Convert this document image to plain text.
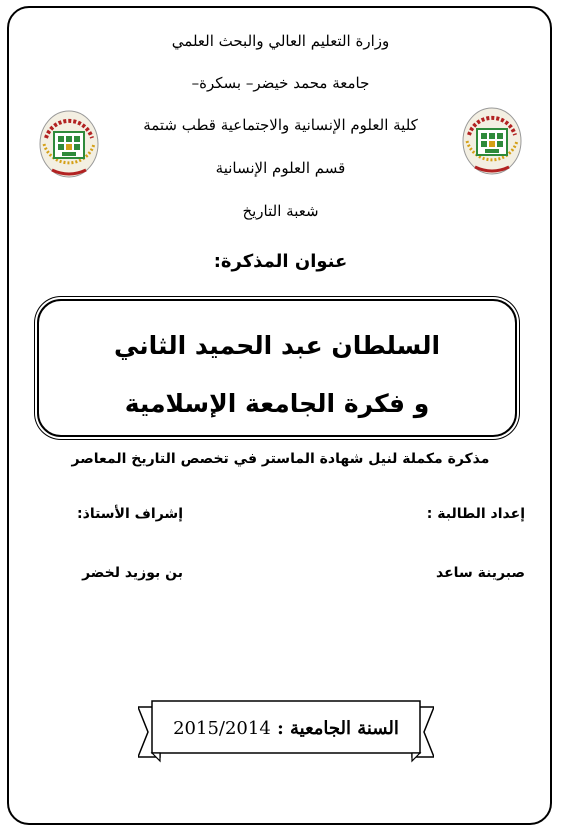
وزارة التعليم العالي والبحث العلمي
جامعة محمد خيضر– بسكرة–
كلية العلوم الإنسانية والاجتماعية قطب شتمة
قسم العلوم الإنسانية
شعبة التاريخ
عنوان المذكرة:
السلطان عبد الحميد الثاني
و فكرة الجامعة الإسلامية
مذكرة مكملة لنيل شهادة الماستر في تخصص التاريخ المعاصر
إعداد الطالبة :
إشراف الأستاذ:
صبرينة ساعد
بن بوزيد لخضر
السنة الجامعية : 2015/2014
